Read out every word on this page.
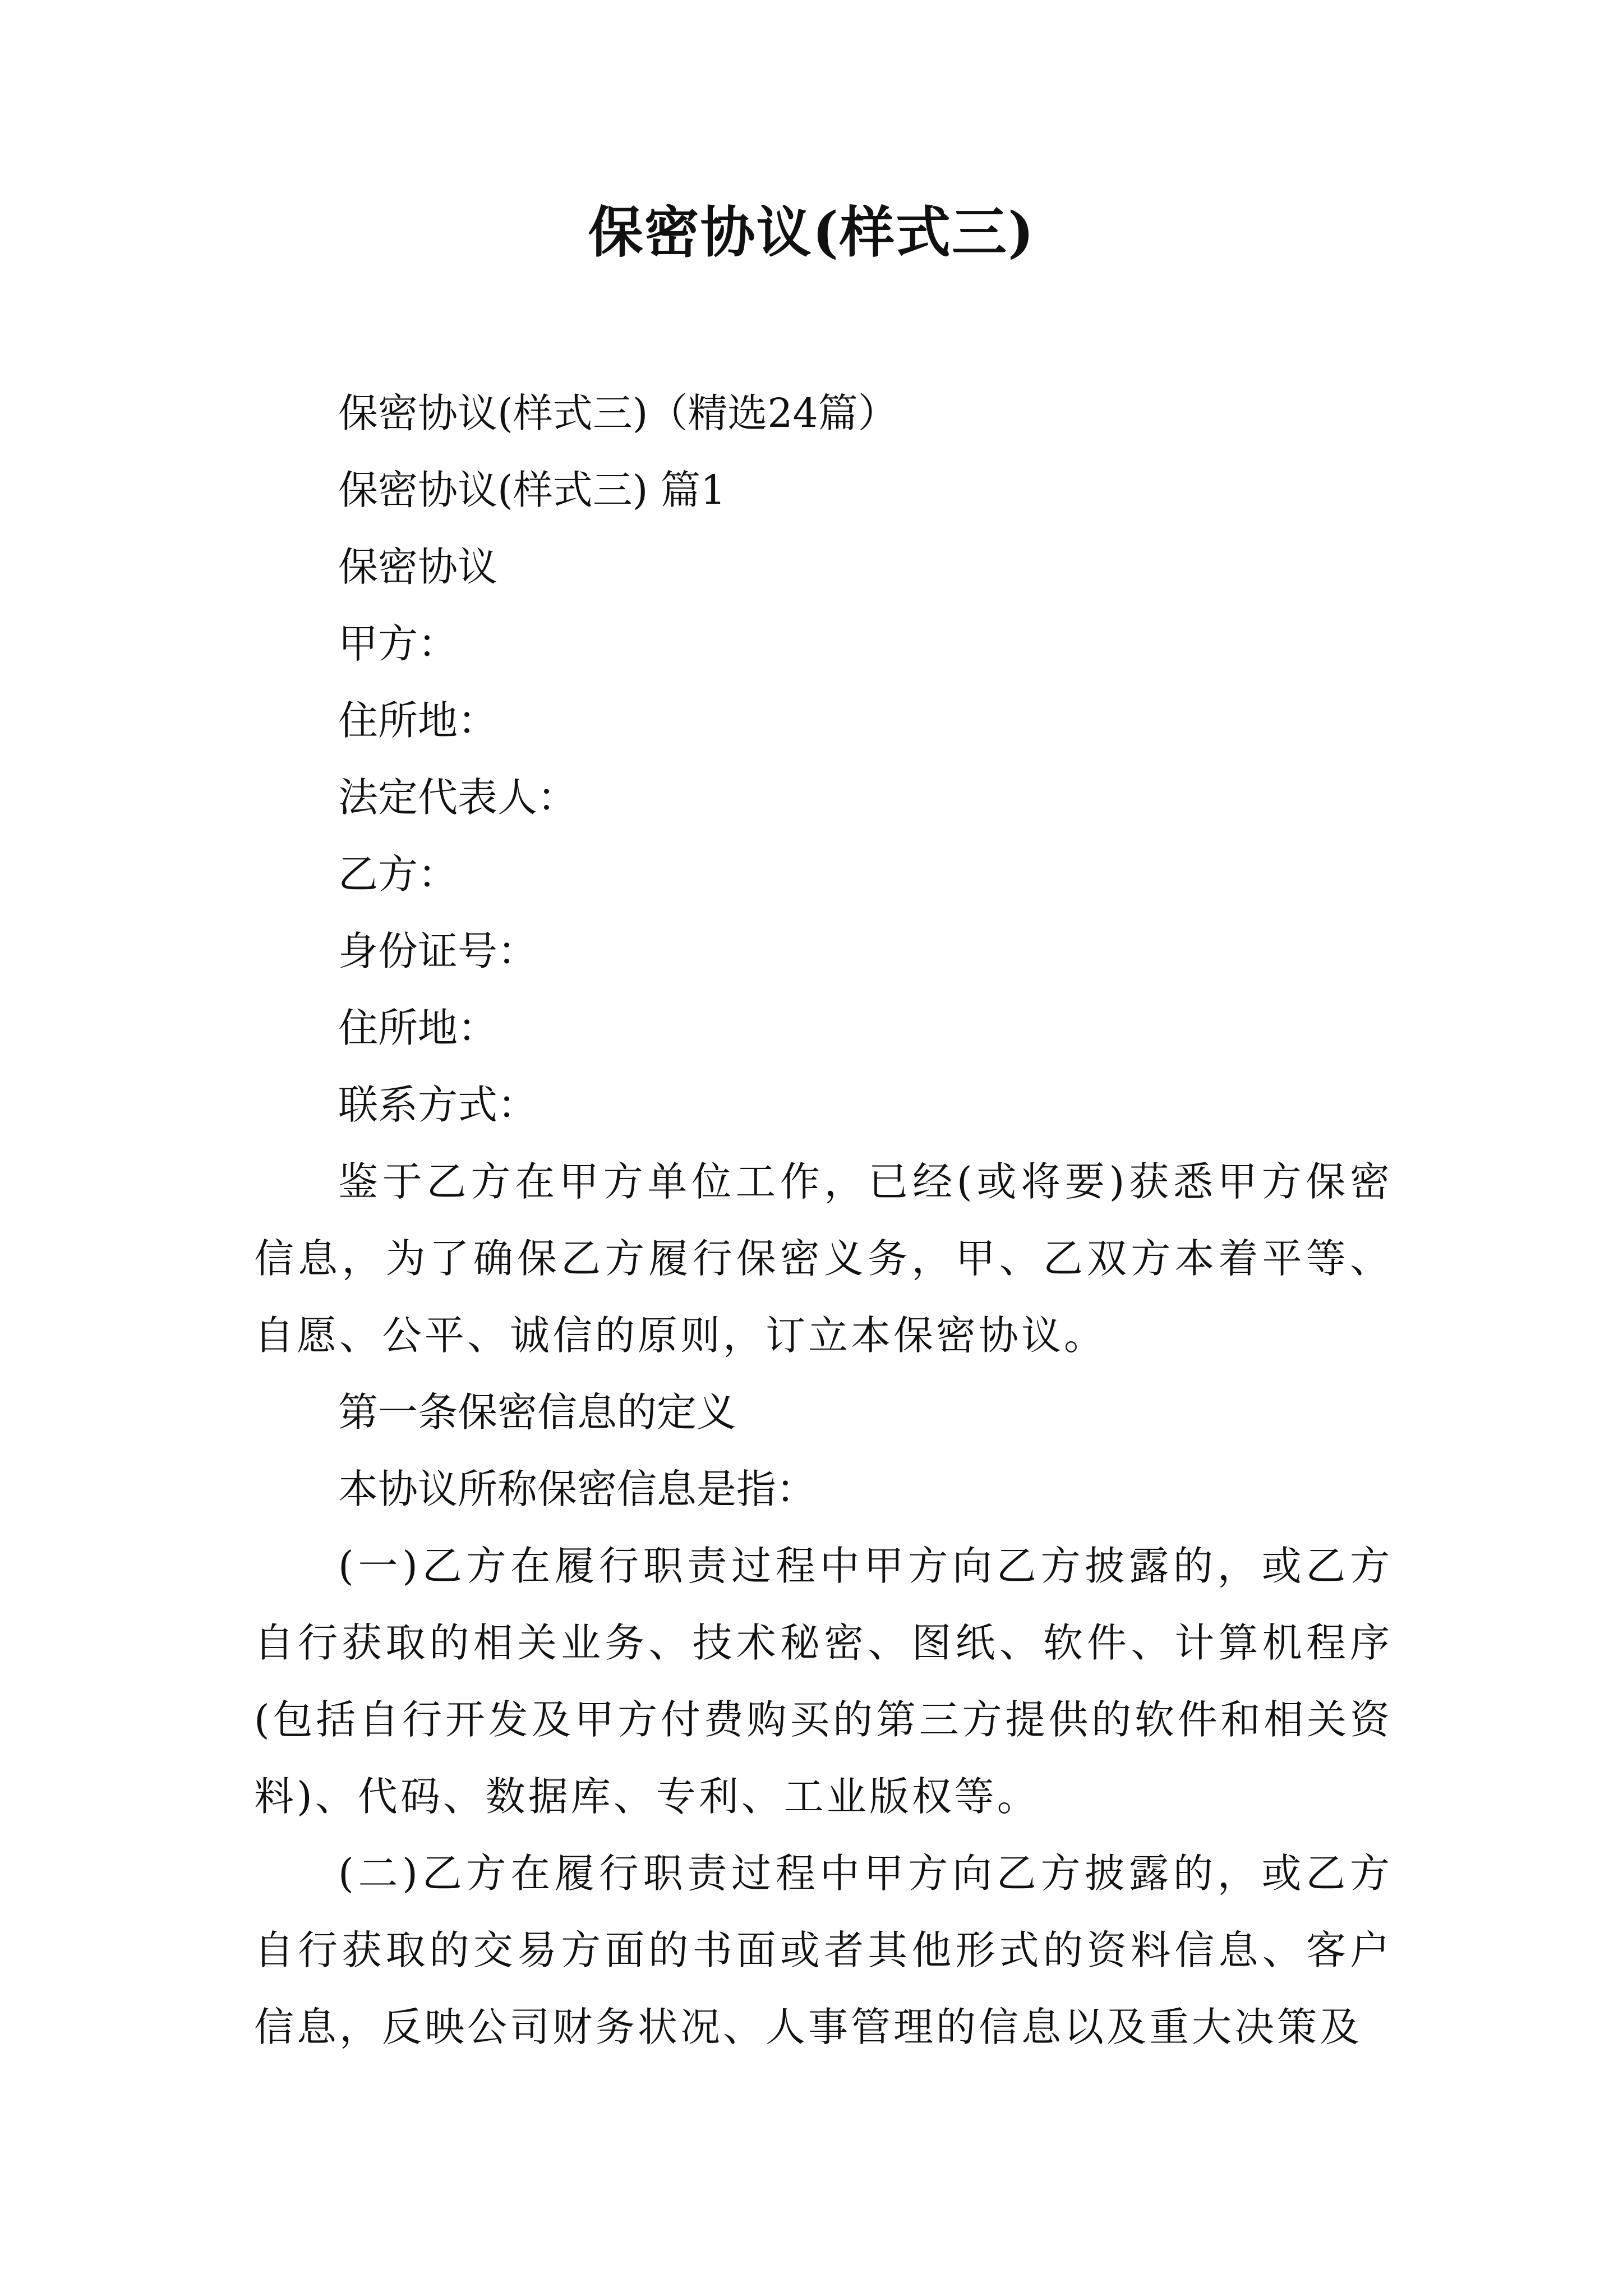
保密协议(样式三)

保密协议(样式三)（精选24篇）

保密协议(样式三) 篇1

保密协议

甲方：

住所地：

法定代表人：

乙方：

身份证号：

住所地：

联系方式：

鉴于乙方在甲方单位工作，已经(或将要)获悉甲方保密信息，为了确保乙方履行保密义务，甲、乙双方本着平等、自愿、公平、诚信的原则，订立本保密协议。

第一条保密信息的定义

本协议所称保密信息是指：

(一)乙方在履行职责过程中甲方向乙方披露的，或乙方自行获取的相关业务、技术秘密、图纸、软件、计算机程序(包括自行开发及甲方付费购买的第三方提供的软件和相关资料)、代码、数据库、专利、工业版权等。

(二)乙方在履行职责过程中甲方向乙方披露的，或乙方自行获取的交易方面的书面或者其他形式的资料信息、客户信息，反映公司财务状况、人事管理的信息以及重大决策及
